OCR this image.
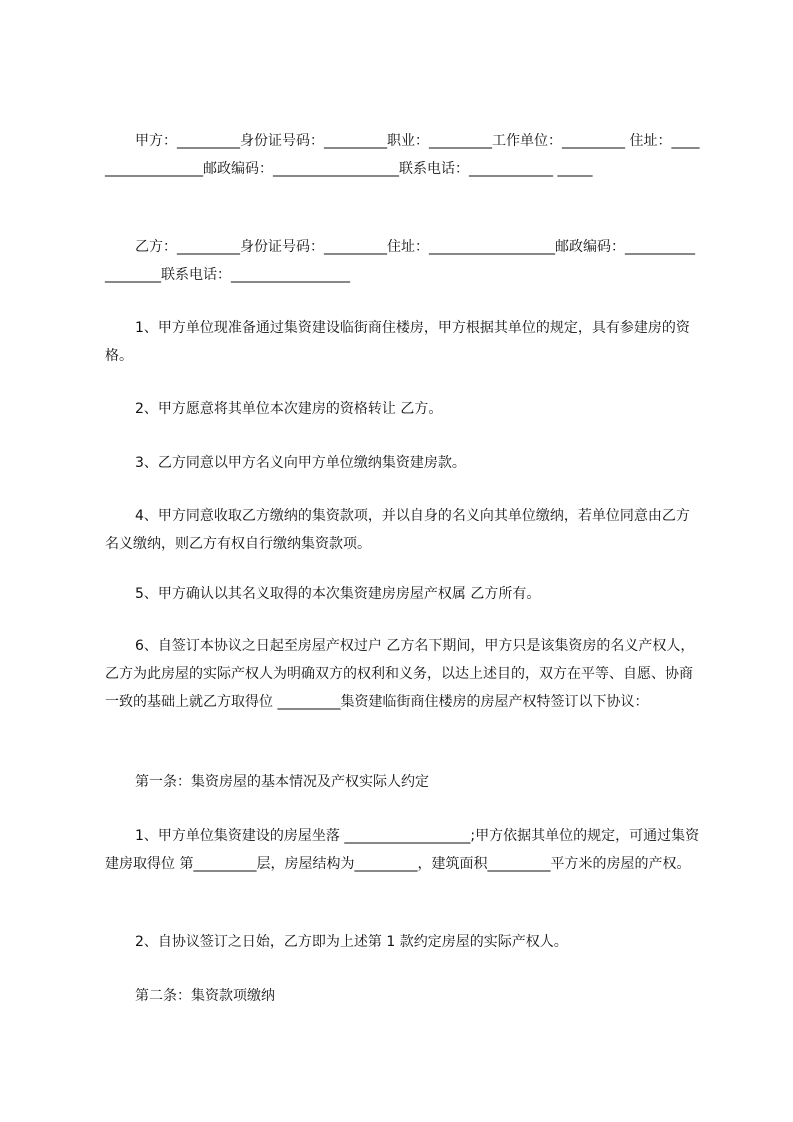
甲方：_________身份证号码：_________职业：_________工作单位：_________ 住址：__________________邮政编码：__________________联系电话：____________ _____

乙方：_________身份证号码：_________住址：__________________邮政编码：__________________联系电话：_________________

1、甲方单位现准备通过集资建设临街商住楼房，甲方根据其单位的规定，具有参建房的资格。

2、甲方愿意将其单位本次建房的资格转让 乙方。

3、乙方同意以甲方名义向甲方单位缴纳集资建房款。

4、甲方同意收取乙方缴纳的集资款项，并以自身的名义向其单位缴纳，若单位同意由乙方名义缴纳，则乙方有权自行缴纳集资款项。

5、甲方确认以其名义取得的本次集资建房房屋产权属 乙方所有。

6、自签订本协议之日起至房屋产权过户 乙方名下期间，甲方只是该集资房的名义产权人，乙方为此房屋的实际产权人为明确双方的权利和义务，以达上述目的，双方在平等、自愿、协商一致的基础上就乙方取得位 _________集资建临街商住楼房的房屋产权特签订以下协议：

第一条：集资房屋的基本情况及产权实际人约定

1、甲方单位集资建设的房屋坐落 __________________;甲方依据其单位的规定，可通过集资建房取得位 第_________层，房屋结构为_________，建筑面积_________平方米的房屋的产权。

2、自协议签订之日始，乙方即为上述第 1 款约定房屋的实际产权人。

第二条：集资款项缴纳
